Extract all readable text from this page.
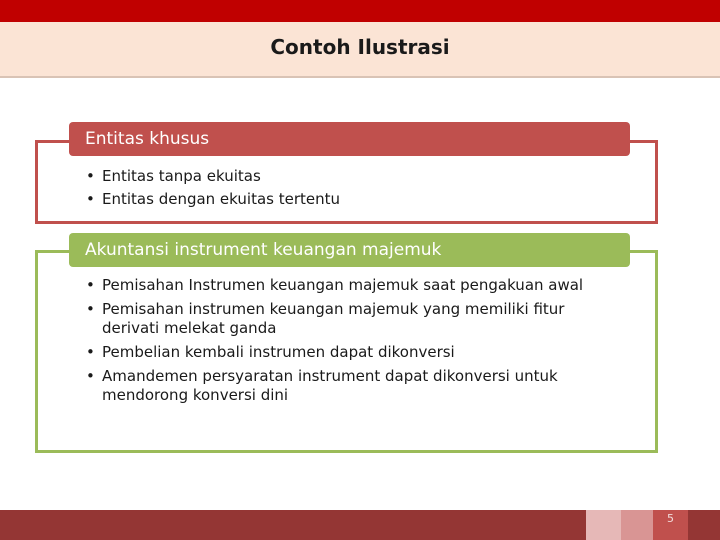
Contoh Ilustrasi
Entitas khusus
• Entitas tanpa ekuitas
• Entitas dengan ekuitas tertentu
Akuntansi instrument keuangan majemuk
• Pemisahan Instrumen keuangan majemuk saat pengakuan awal
• Pemisahan instrumen keuangan majemuk yang memiliki fitur derivati melekat ganda
• Pembelian kembali instrumen dapat dikonversi
• Amandemen persyaratan instrument dapat dikonversi untuk mendorong konversi dini
5
